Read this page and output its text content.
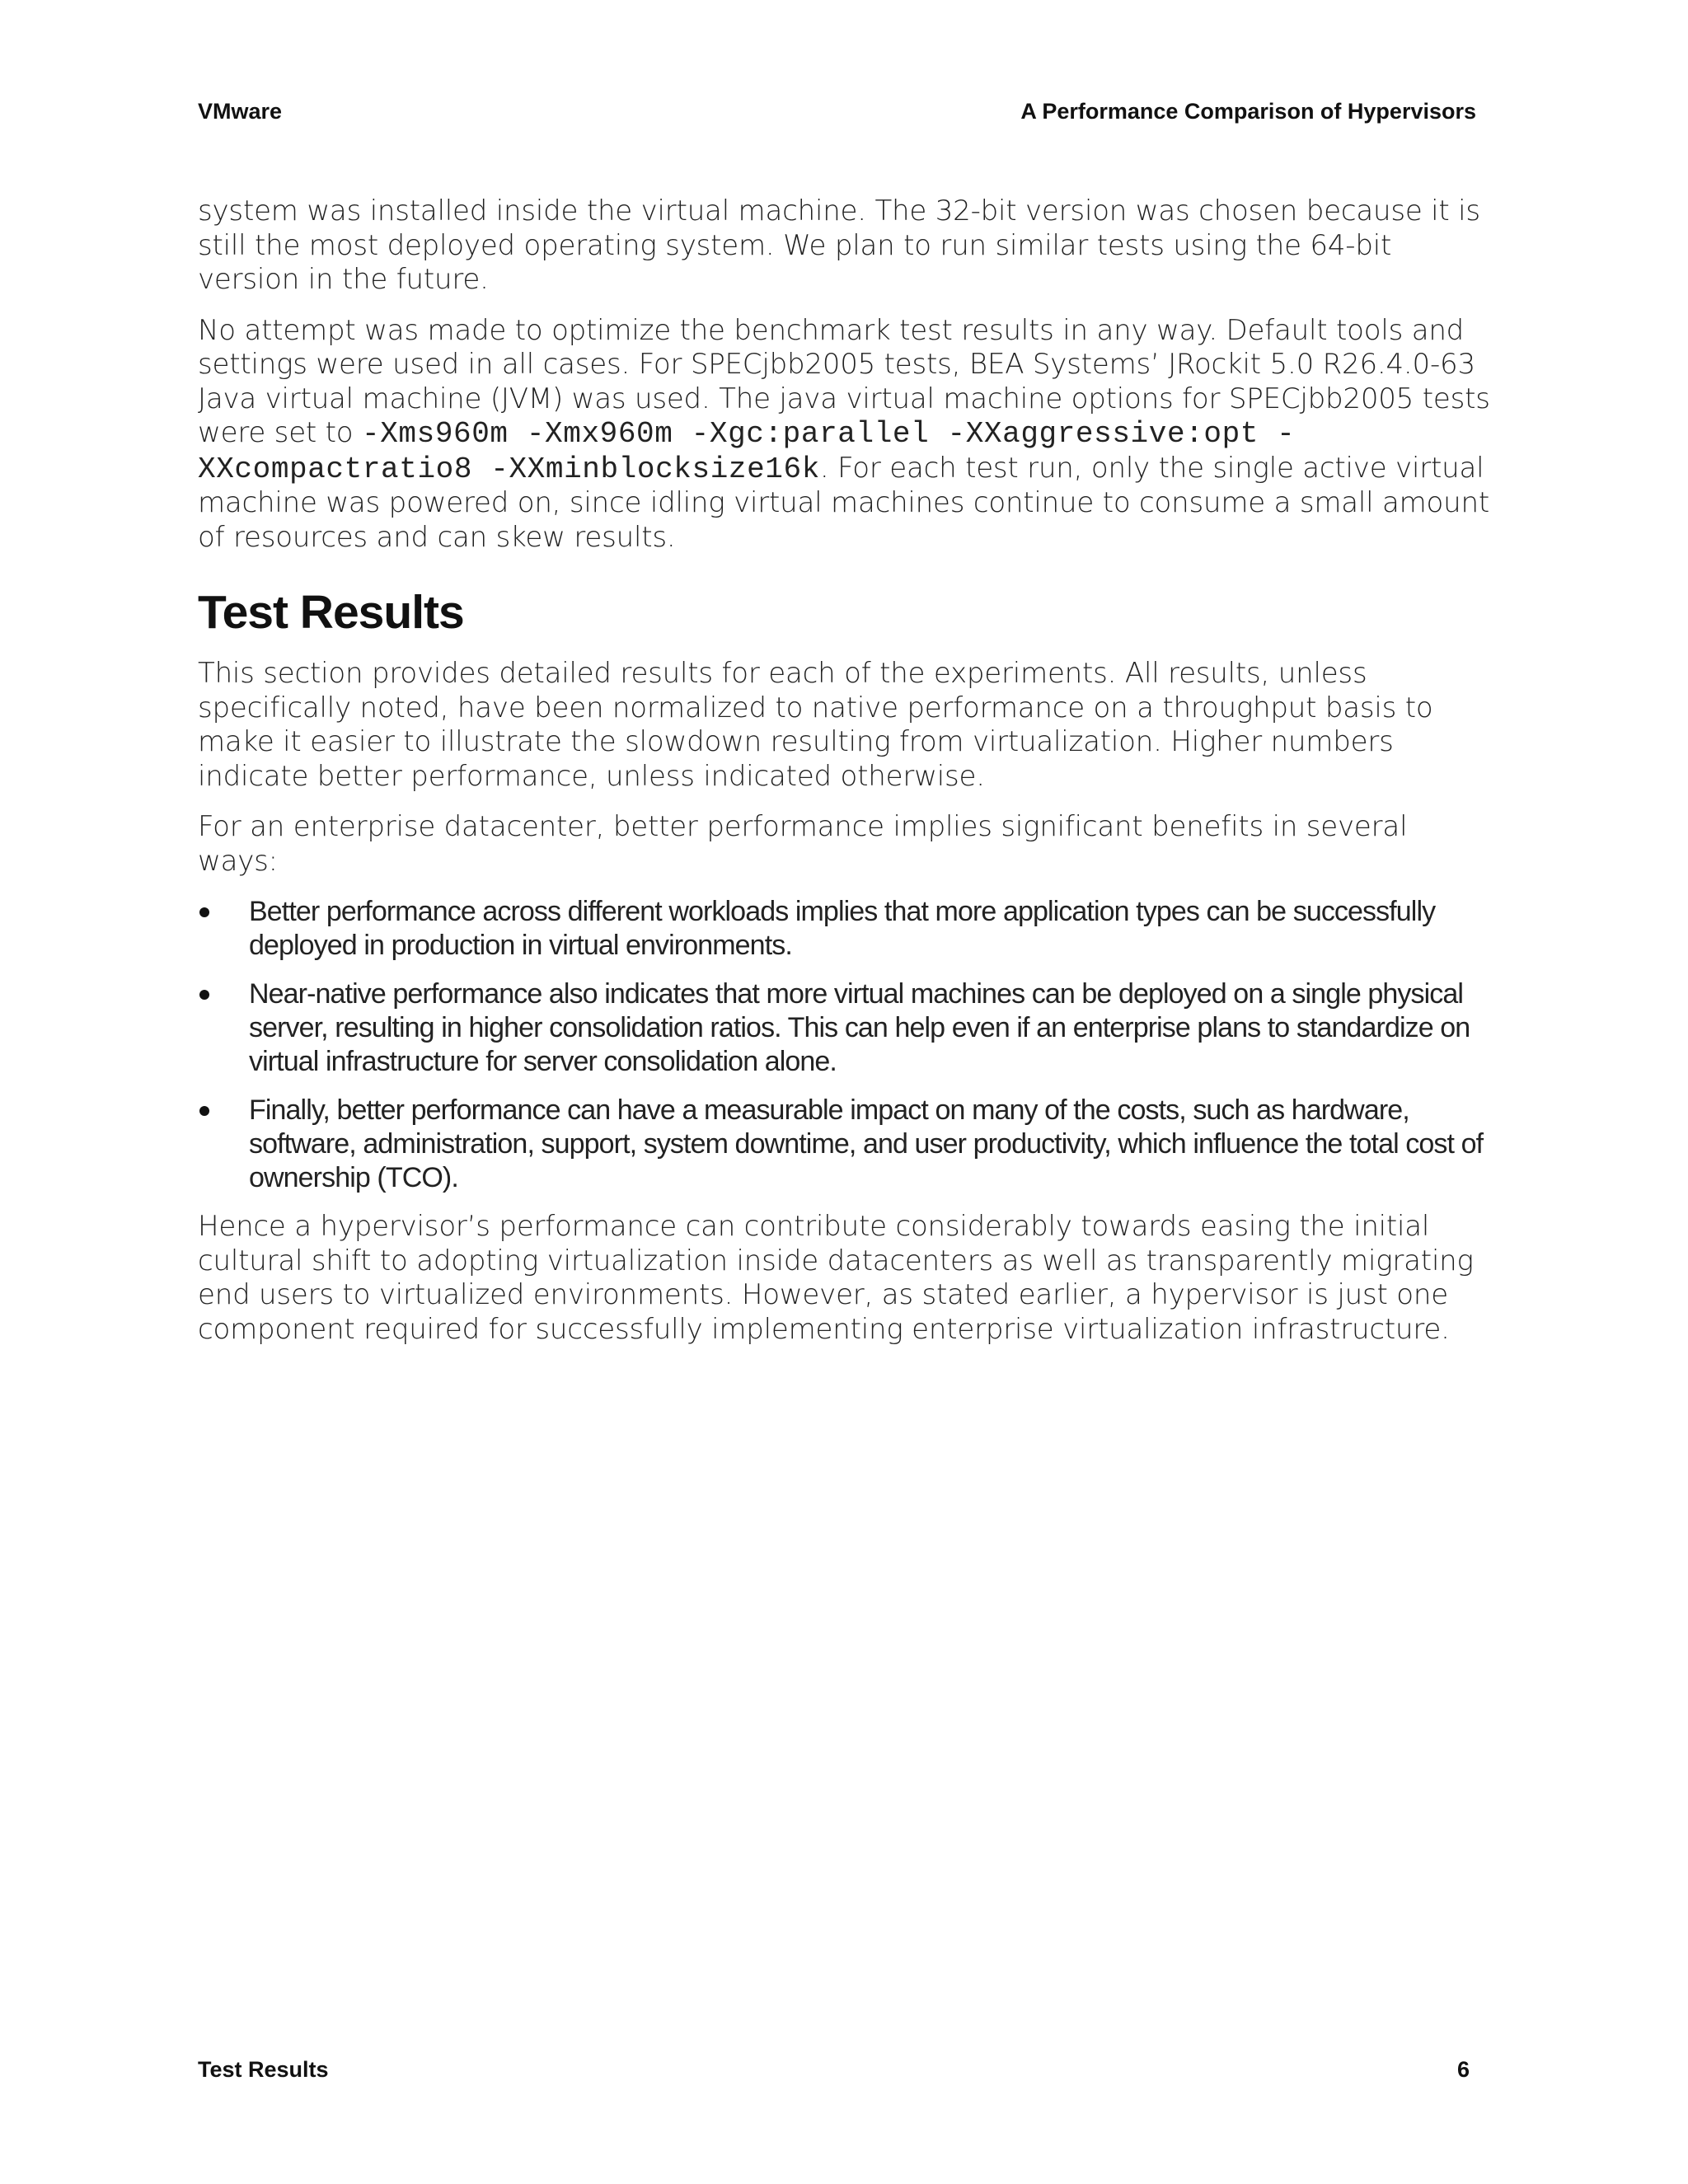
VMware	A Performance Comparison of Hypervisors

system was installed inside the virtual machine. The 32-bit version was chosen because it is still the most deployed operating system. We plan to run similar tests using the 64-bit version in the future.

No attempt was made to optimize the benchmark test results in any way. Default tools and settings were used in all cases. For SPECjbb2005 tests, BEA Systems’ JRockit 5.0 R26.4.0-63 Java virtual machine (JVM) was used. The java virtual machine options for SPECjbb2005 tests were set to -Xms960m -Xmx960m -Xgc:parallel -XXaggressive:opt -XXcompactratio8 -XXminblocksize16k. For each test run, only the single active virtual machine was powered on, since idling virtual machines continue to consume a small amount of resources and can skew results.

Test Results

This section provides detailed results for each of the experiments. All results, unless specifically noted, have been normalized to native performance on a throughput basis to make it easier to illustrate the slowdown resulting from virtualization. Higher numbers indicate better performance, unless indicated otherwise.

For an enterprise datacenter, better performance implies significant benefits in several ways:

Better performance across different workloads implies that more application types can be successfully deployed in production in virtual environments.
Near-native performance also indicates that more virtual machines can be deployed on a single physical server, resulting in higher consolidation ratios. This can help even if an enterprise plans to standardize on virtual infrastructure for server consolidation alone.
Finally, better performance can have a measurable impact on many of the costs, such as hardware, software, administration, support, system downtime, and user productivity, which influence the total cost of ownership (TCO).

Hence a hypervisor’s performance can contribute considerably towards easing the initial cultural shift to adopting virtualization inside datacenters as well as transparently migrating end users to virtualized environments. However, as stated earlier, a hypervisor is just one component required for successfully implementing enterprise virtualization infrastructure.

Test Results	6
